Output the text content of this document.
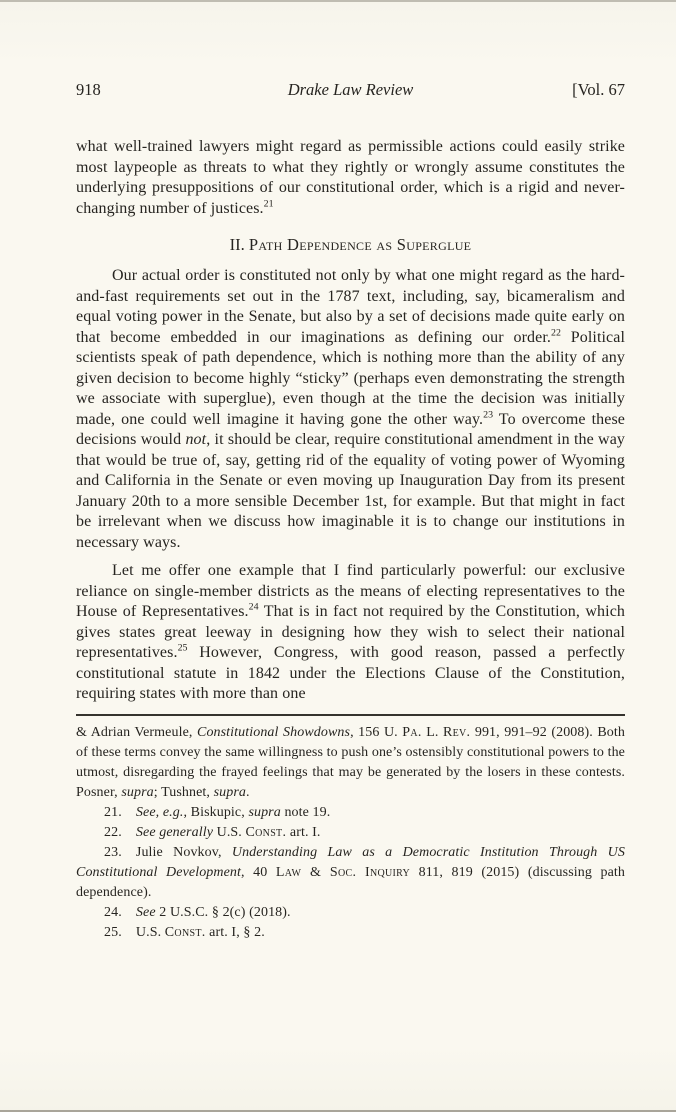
918	Drake Law Review	[Vol. 67
what well-trained lawyers might regard as permissible actions could easily strike most laypeople as threats to what they rightly or wrongly assume constitutes the underlying presuppositions of our constitutional order, which is a rigid and never-changing number of justices.$^{21}$
II. Path Dependence as Superglue
Our actual order is constituted not only by what one might regard as the hard-and-fast requirements set out in the 1787 text, including, say, bicameralism and equal voting power in the Senate, but also by a set of decisions made quite early on that become embedded in our imaginations as defining our order.$^{22}$ Political scientists speak of path dependence, which is nothing more than the ability of any given decision to become highly “sticky” (perhaps even demonstrating the strength we associate with superglue), even though at the time the decision was initially made, one could well imagine it having gone the other way.$^{23}$ To overcome these decisions would not, it should be clear, require constitutional amendment in the way that would be true of, say, getting rid of the equality of voting power of Wyoming and California in the Senate or even moving up Inauguration Day from its present January 20th to a more sensible December 1st, for example. But that might in fact be irrelevant when we discuss how imaginable it is to change our institutions in necessary ways.
Let me offer one example that I find particularly powerful: our exclusive reliance on single-member districts as the means of electing representatives to the House of Representatives.$^{24}$ That is in fact not required by the Constitution, which gives states great leeway in designing how they wish to select their national representatives.$^{25}$ However, Congress, with good reason, passed a perfectly constitutional statute in 1842 under the Elections Clause of the Constitution, requiring states with more than one
& Adrian Vermeule, Constitutional Showdowns, 156 U. Pa. L. Rev. 991, 991–92 (2008). Both of these terms convey the same willingness to push one’s ostensibly constitutional powers to the utmost, disregarding the frayed feelings that may be generated by the losers in these contests. Posner, supra; Tushnet, supra.
21. See, e.g., Biskupic, supra note 19.
22. See generally U.S. Const. art. I.
23. Julie Novkov, Understanding Law as a Democratic Institution Through US Constitutional Development, 40 Law & Soc. Inquiry 811, 819 (2015) (discussing path dependence).
24. See 2 U.S.C. § 2(c) (2018).
25. U.S. Const. art. I, § 2.
